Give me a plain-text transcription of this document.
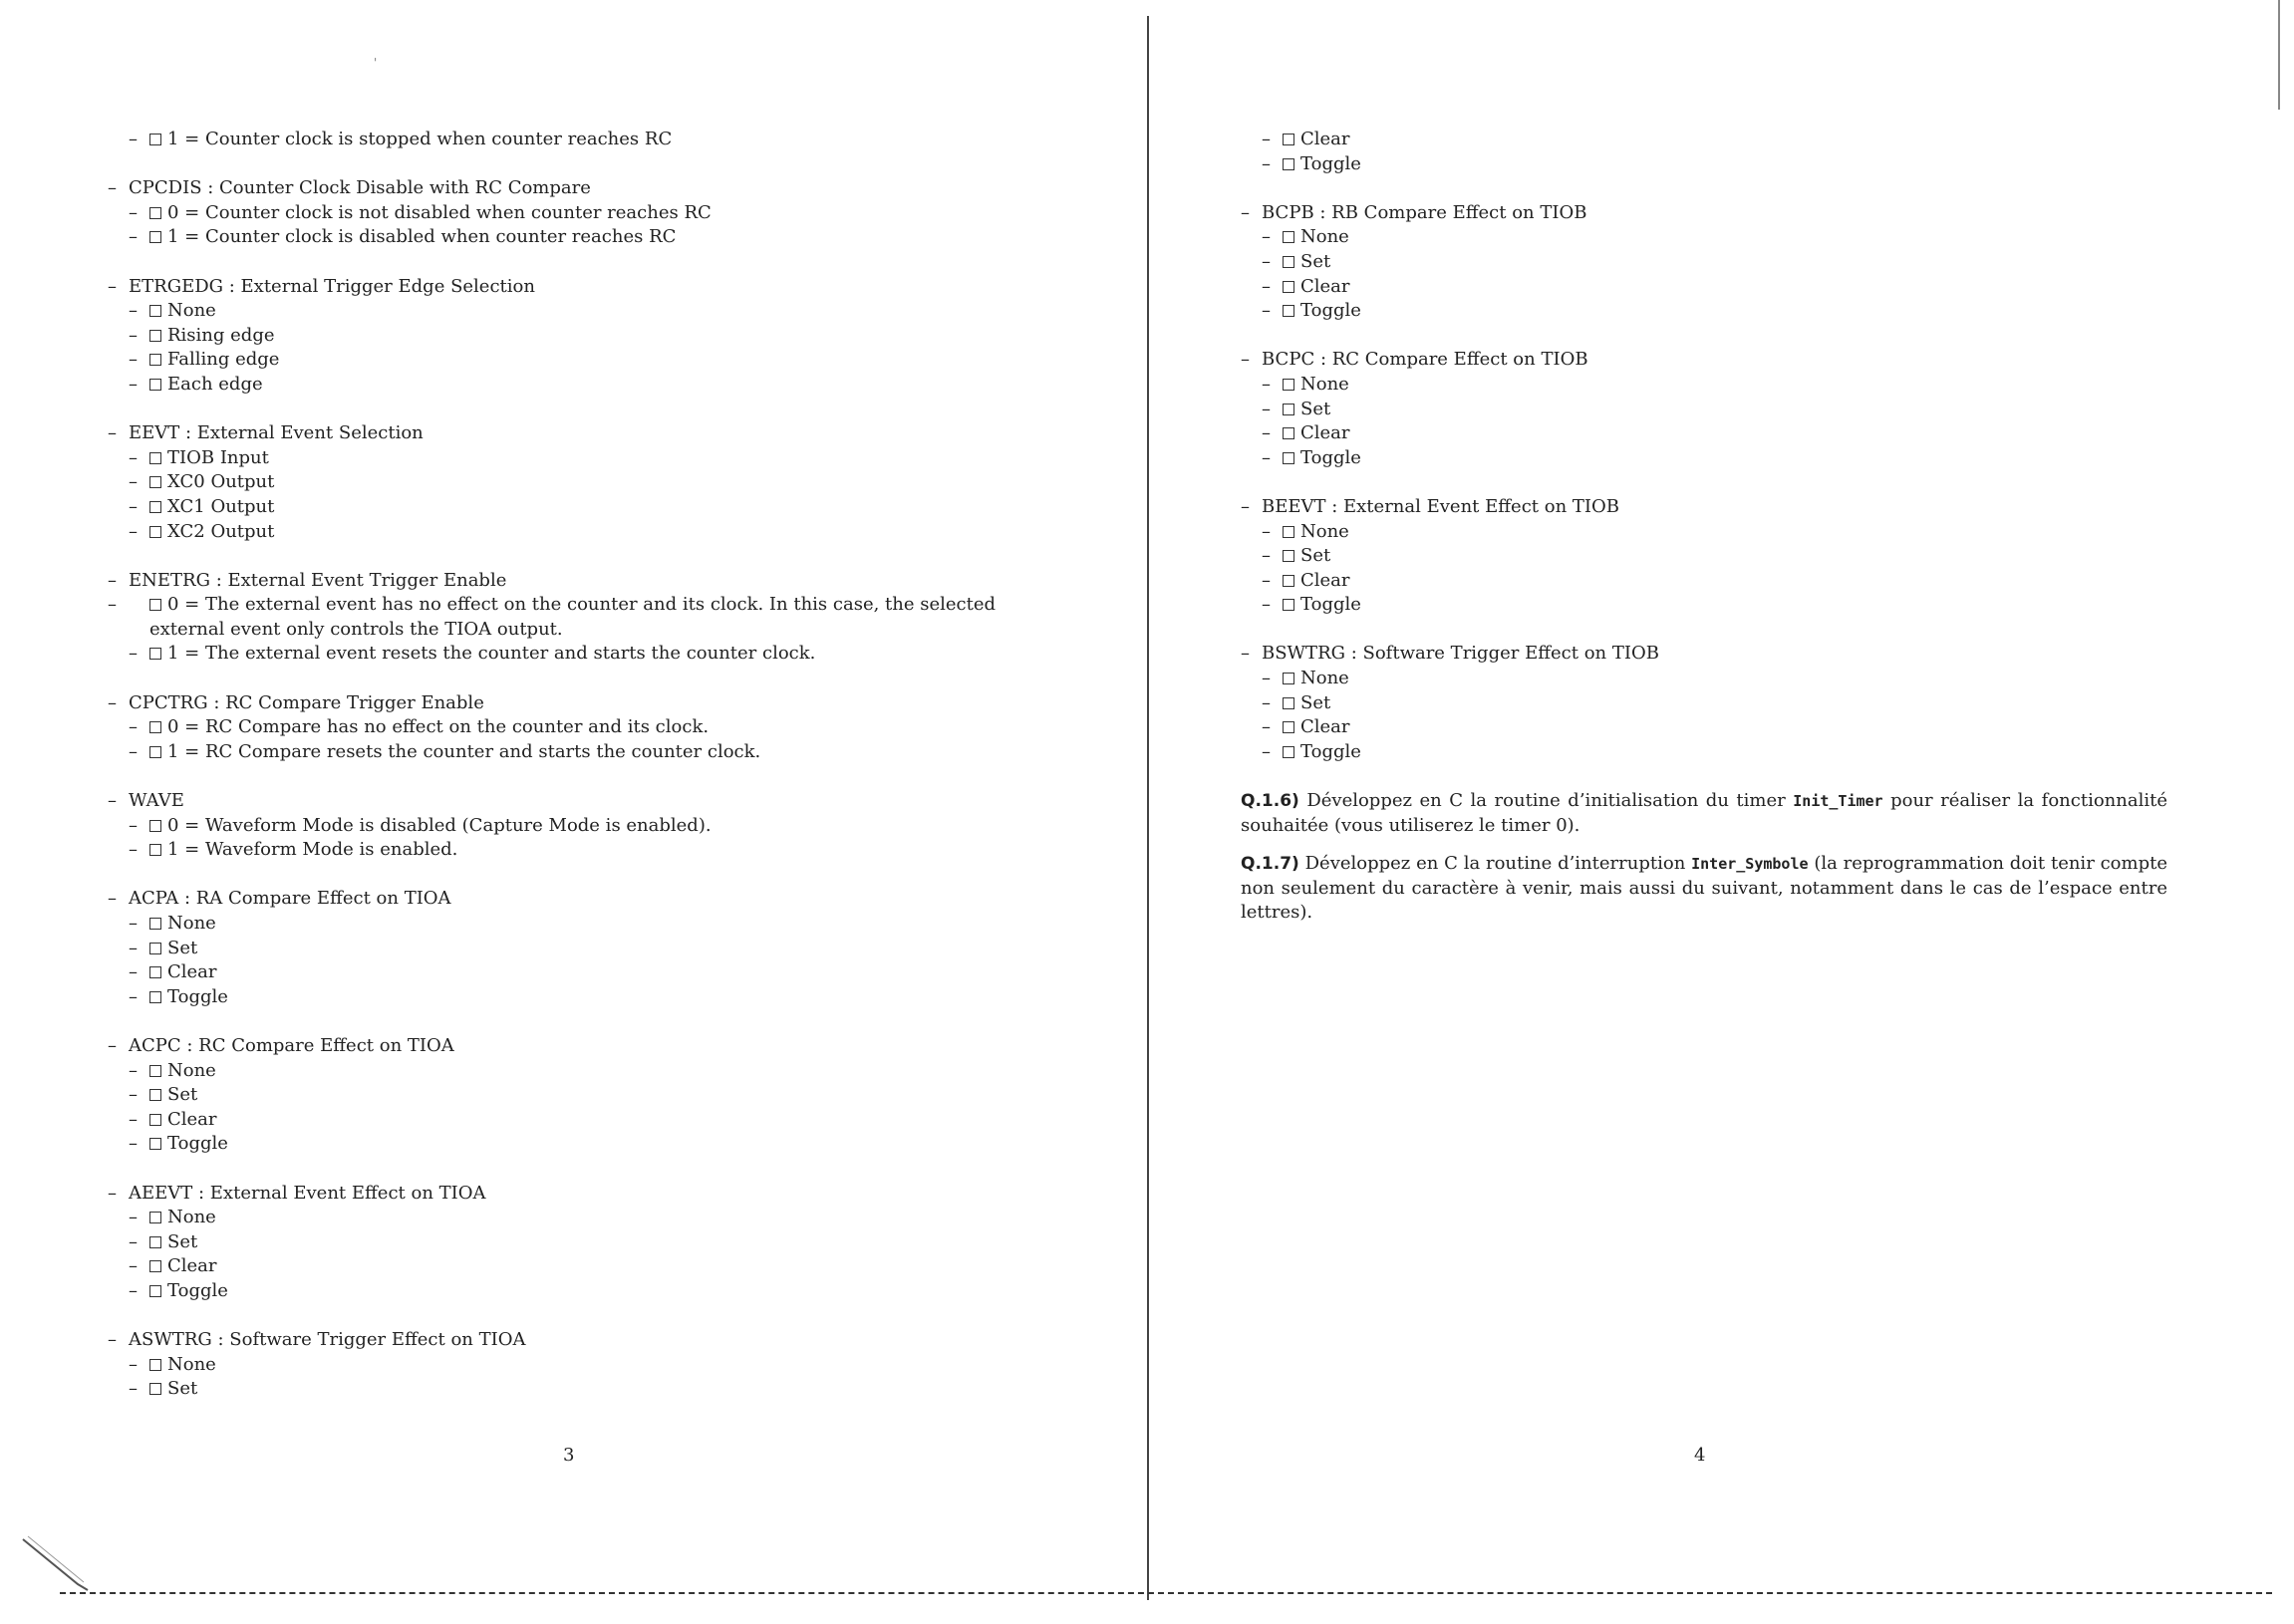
'
– 1 = Counter clock is stopped when counter reaches RC
– CPCDIS : Counter Clock Disable with RC Compare
– 0 = Counter clock is not disabled when counter reaches RC
– 1 = Counter clock is disabled when counter reaches RC
– ETRGEDG : External Trigger Edge Selection
– None
– Rising edge
– Falling edge
– Each edge
– EEVT : External Event Selection
– TIOB Input
– XC0 Output
– XC1 Output
– XC2 Output
– ENETRG : External Event Trigger Enable
–	0 = The external event has no effect on the counter and its clock. In this case, the selected external event only controls the TIOA output.
– 1 = The external event resets the counter and starts the counter clock.
– CPCTRG : RC Compare Trigger Enable
– 0 = RC Compare has no effect on the counter and its clock.
– 1 = RC Compare resets the counter and starts the counter clock.
– WAVE
– 0 = Waveform Mode is disabled (Capture Mode is enabled).
– 1 = Waveform Mode is enabled.
– ACPA : RA Compare Effect on TIOA
– None
– Set
– Clear
– Toggle
– ACPC : RC Compare Effect on TIOA
– None
– Set
– Clear
– Toggle
– AEEVT : External Event Effect on TIOA
– None
– Set
– Clear
– Toggle
– ASWTRG : Software Trigger Effect on TIOA
– None
– Set
3
– Clear
– Toggle
– BCPB : RB Compare Effect on TIOB
– None
– Set
– Clear
– Toggle
– BCPC : RC Compare Effect on TIOB
– None
– Set
– Clear
– Toggle
– BEEVT : External Event Effect on TIOB
– None
– Set
– Clear
– Toggle
– BSWTRG : Software Trigger Effect on TIOB
– None
– Set
– Clear
– Toggle
Q.1.6) Développez en C la routine d’initialisation du timer Init_Timer pour réaliser la fonctionnalité souhaitée (vous utiliserez le timer 0).
Q.1.7) Développez en C la routine d’interruption Inter_Symbole (la reprogrammation doit tenir compte non seulement du caractère à venir, mais aussi du suivant, notamment dans le cas de l’espace entre lettres).
4
